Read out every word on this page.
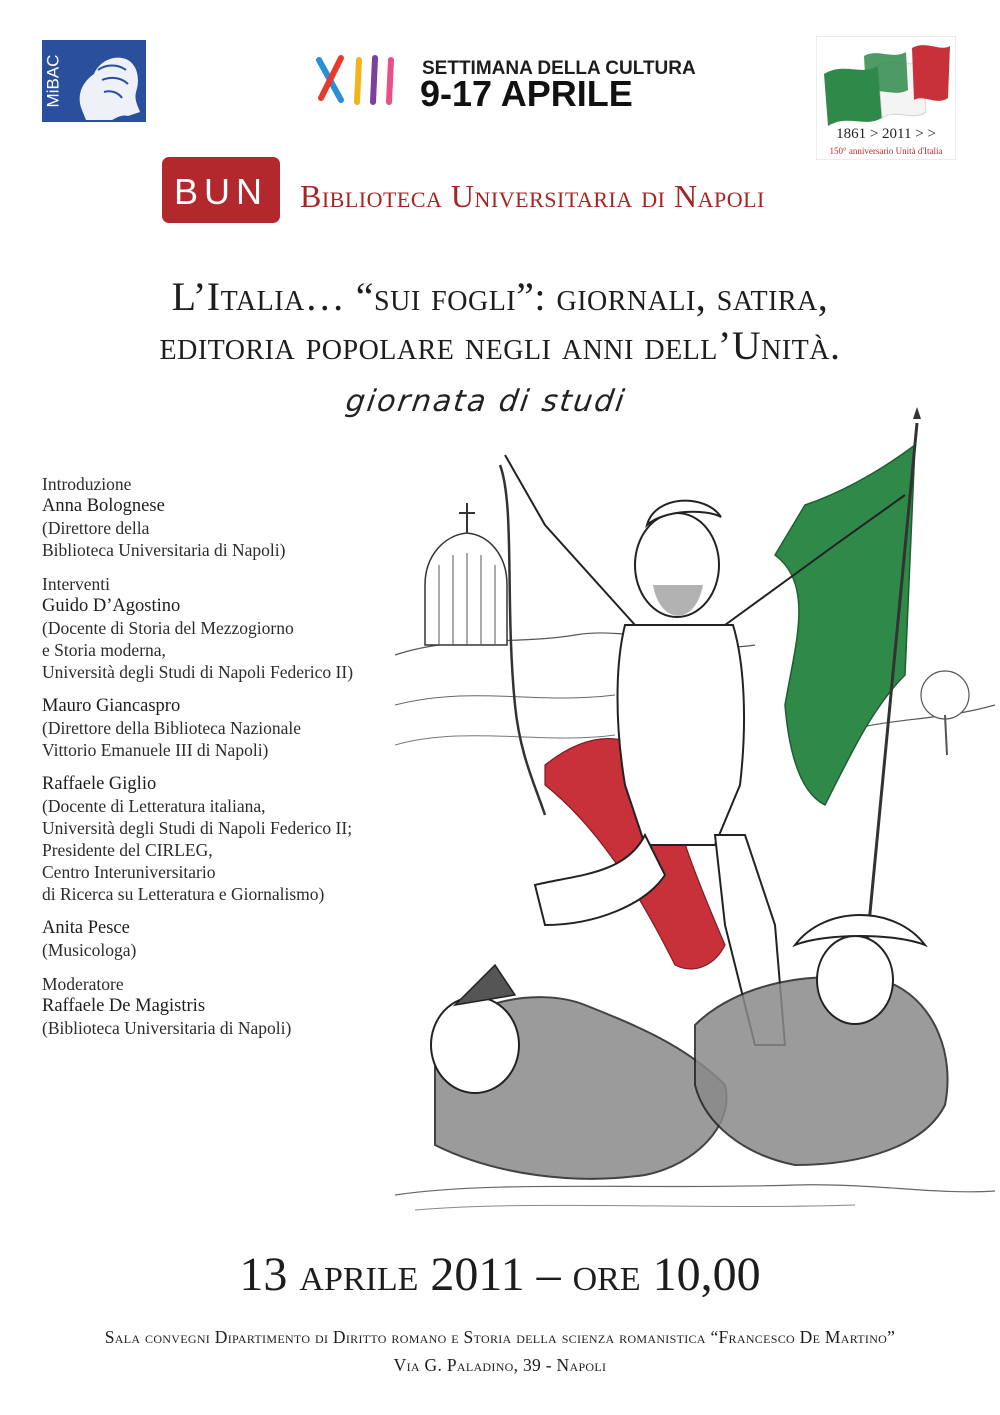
MiBAC	SETTIMANA DELLA CULTURA
9-17 APRILE
1861 > 2011 > >
150° anniversario Unità d'Italia
BUN	Biblioteca Universitaria di Napoli
L’Italia… “sui fogli”: giornali, satira,
editoria popolare negli anni dell’Unità.
giornata di studi
Introduzione
Anna Bolognese
(Direttore della
Biblioteca Universitaria di Napoli)
Interventi
Guido D’Agostino
(Docente di Storia del Mezzogiorno
e Storia moderna,
Università degli Studi di Napoli Federico II)
Mauro Giancaspro
(Direttore della Biblioteca Nazionale
Vittorio Emanuele III di Napoli)
Raffaele Giglio
(Docente di Letteratura italiana,
Università degli Studi di Napoli Federico II;
Presidente del CIRLEG,
Centro Interuniversitario
di Ricerca su Letteratura e Giornalismo)
Anita Pesce
(Musicologa)
Moderatore
Raffaele De Magistris
(Biblioteca Universitaria di Napoli)
13 aprile 2011 – ore 10,00
Sala convegni Dipartimento di Diritto romano e Storia della scienza romanistica “Francesco De Martino”
Via G. Paladino, 39 - Napoli
